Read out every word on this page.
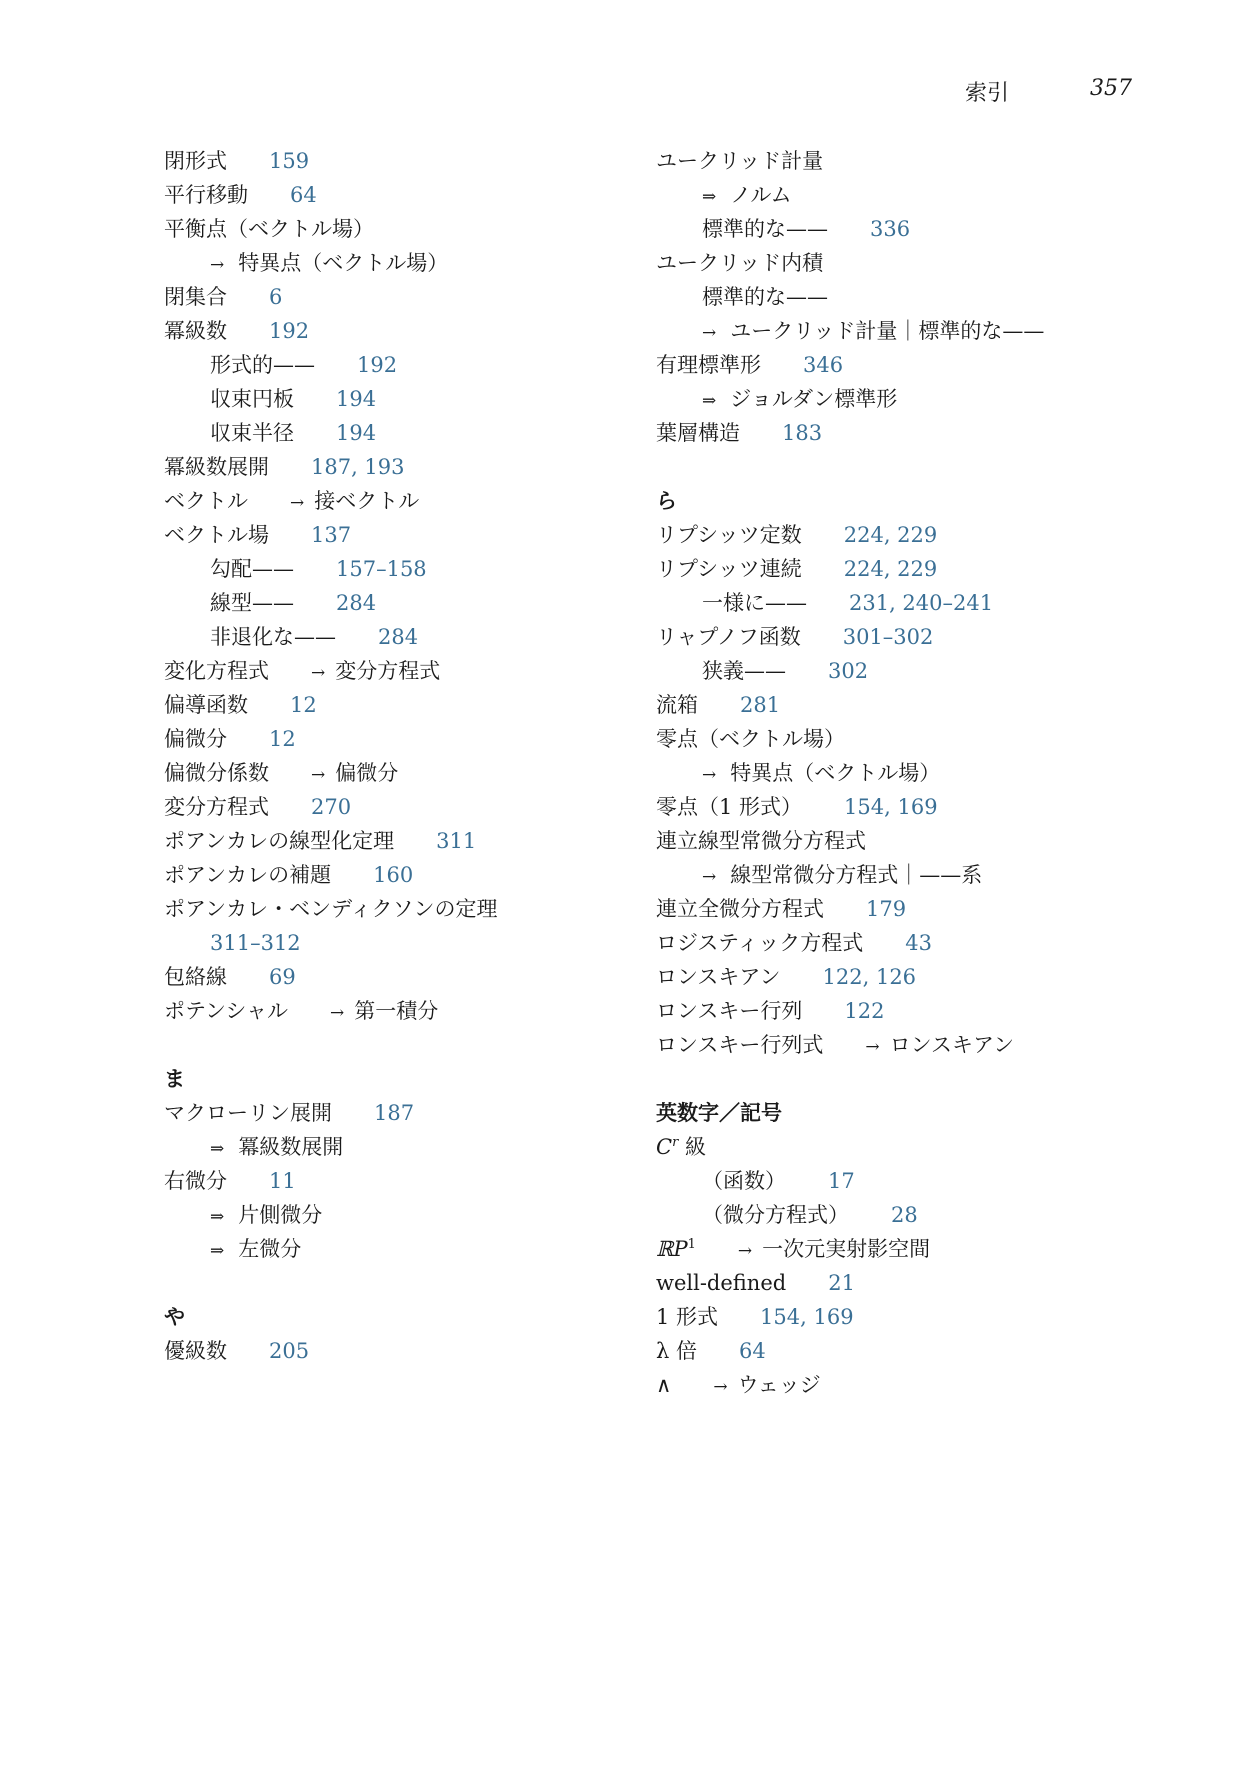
索引	357
閉形式 159
平行移動 64
平衡点（ベクトル場）
→ 特異点（ベクトル場）
閉集合 6
冪級数 192
形式的—— 192
収束円板 194
収束半径 194
冪級数展開 187, 193
ベクトル → 接ベクトル
ベクトル場 137
勾配—— 157–158
線型—— 284
非退化な—— 284
変化方程式 → 変分方程式
偏導函数 12
偏微分 12
偏微分係数 → 偏微分
変分方程式 270
ポアンカレの線型化定理 311
ポアンカレの補題 160
ポアンカレ・ベンディクソンの定理
311–312
包絡線 69
ポテンシャル → 第一積分
ま
マクローリン展開 187
⇒ 冪級数展開
右微分 11
⇒ 片側微分
⇒ 左微分
や
優級数 205
ユークリッド計量
⇒ ノルム
標準的な—— 336
ユークリッド内積
標準的な——
→ ユークリッド計量｜標準的な——
有理標準形 346
⇒ ジョルダン標準形
葉層構造 183
ら
リプシッツ定数 224, 229
リプシッツ連続 224, 229
一様に—— 231, 240–241
リャプノフ函数 301–302
狭義—— 302
流箱 281
零点（ベクトル場）
→ 特異点（ベクトル場）
零点（1 形式） 154, 169
連立線型常微分方程式
→ 線型常微分方程式｜——系
連立全微分方程式 179
ロジスティック方程式 43
ロンスキアン 122, 126
ロンスキー行列 122
ロンスキー行列式 → ロンスキアン
英数字／記号
$C^r$ 級
（函数） 17
（微分方程式） 28
ℝP$^1$ → 一次元実射影空間
well-defined 21
1 形式 154, 169
λ 倍 64
∧ → ウェッジ
